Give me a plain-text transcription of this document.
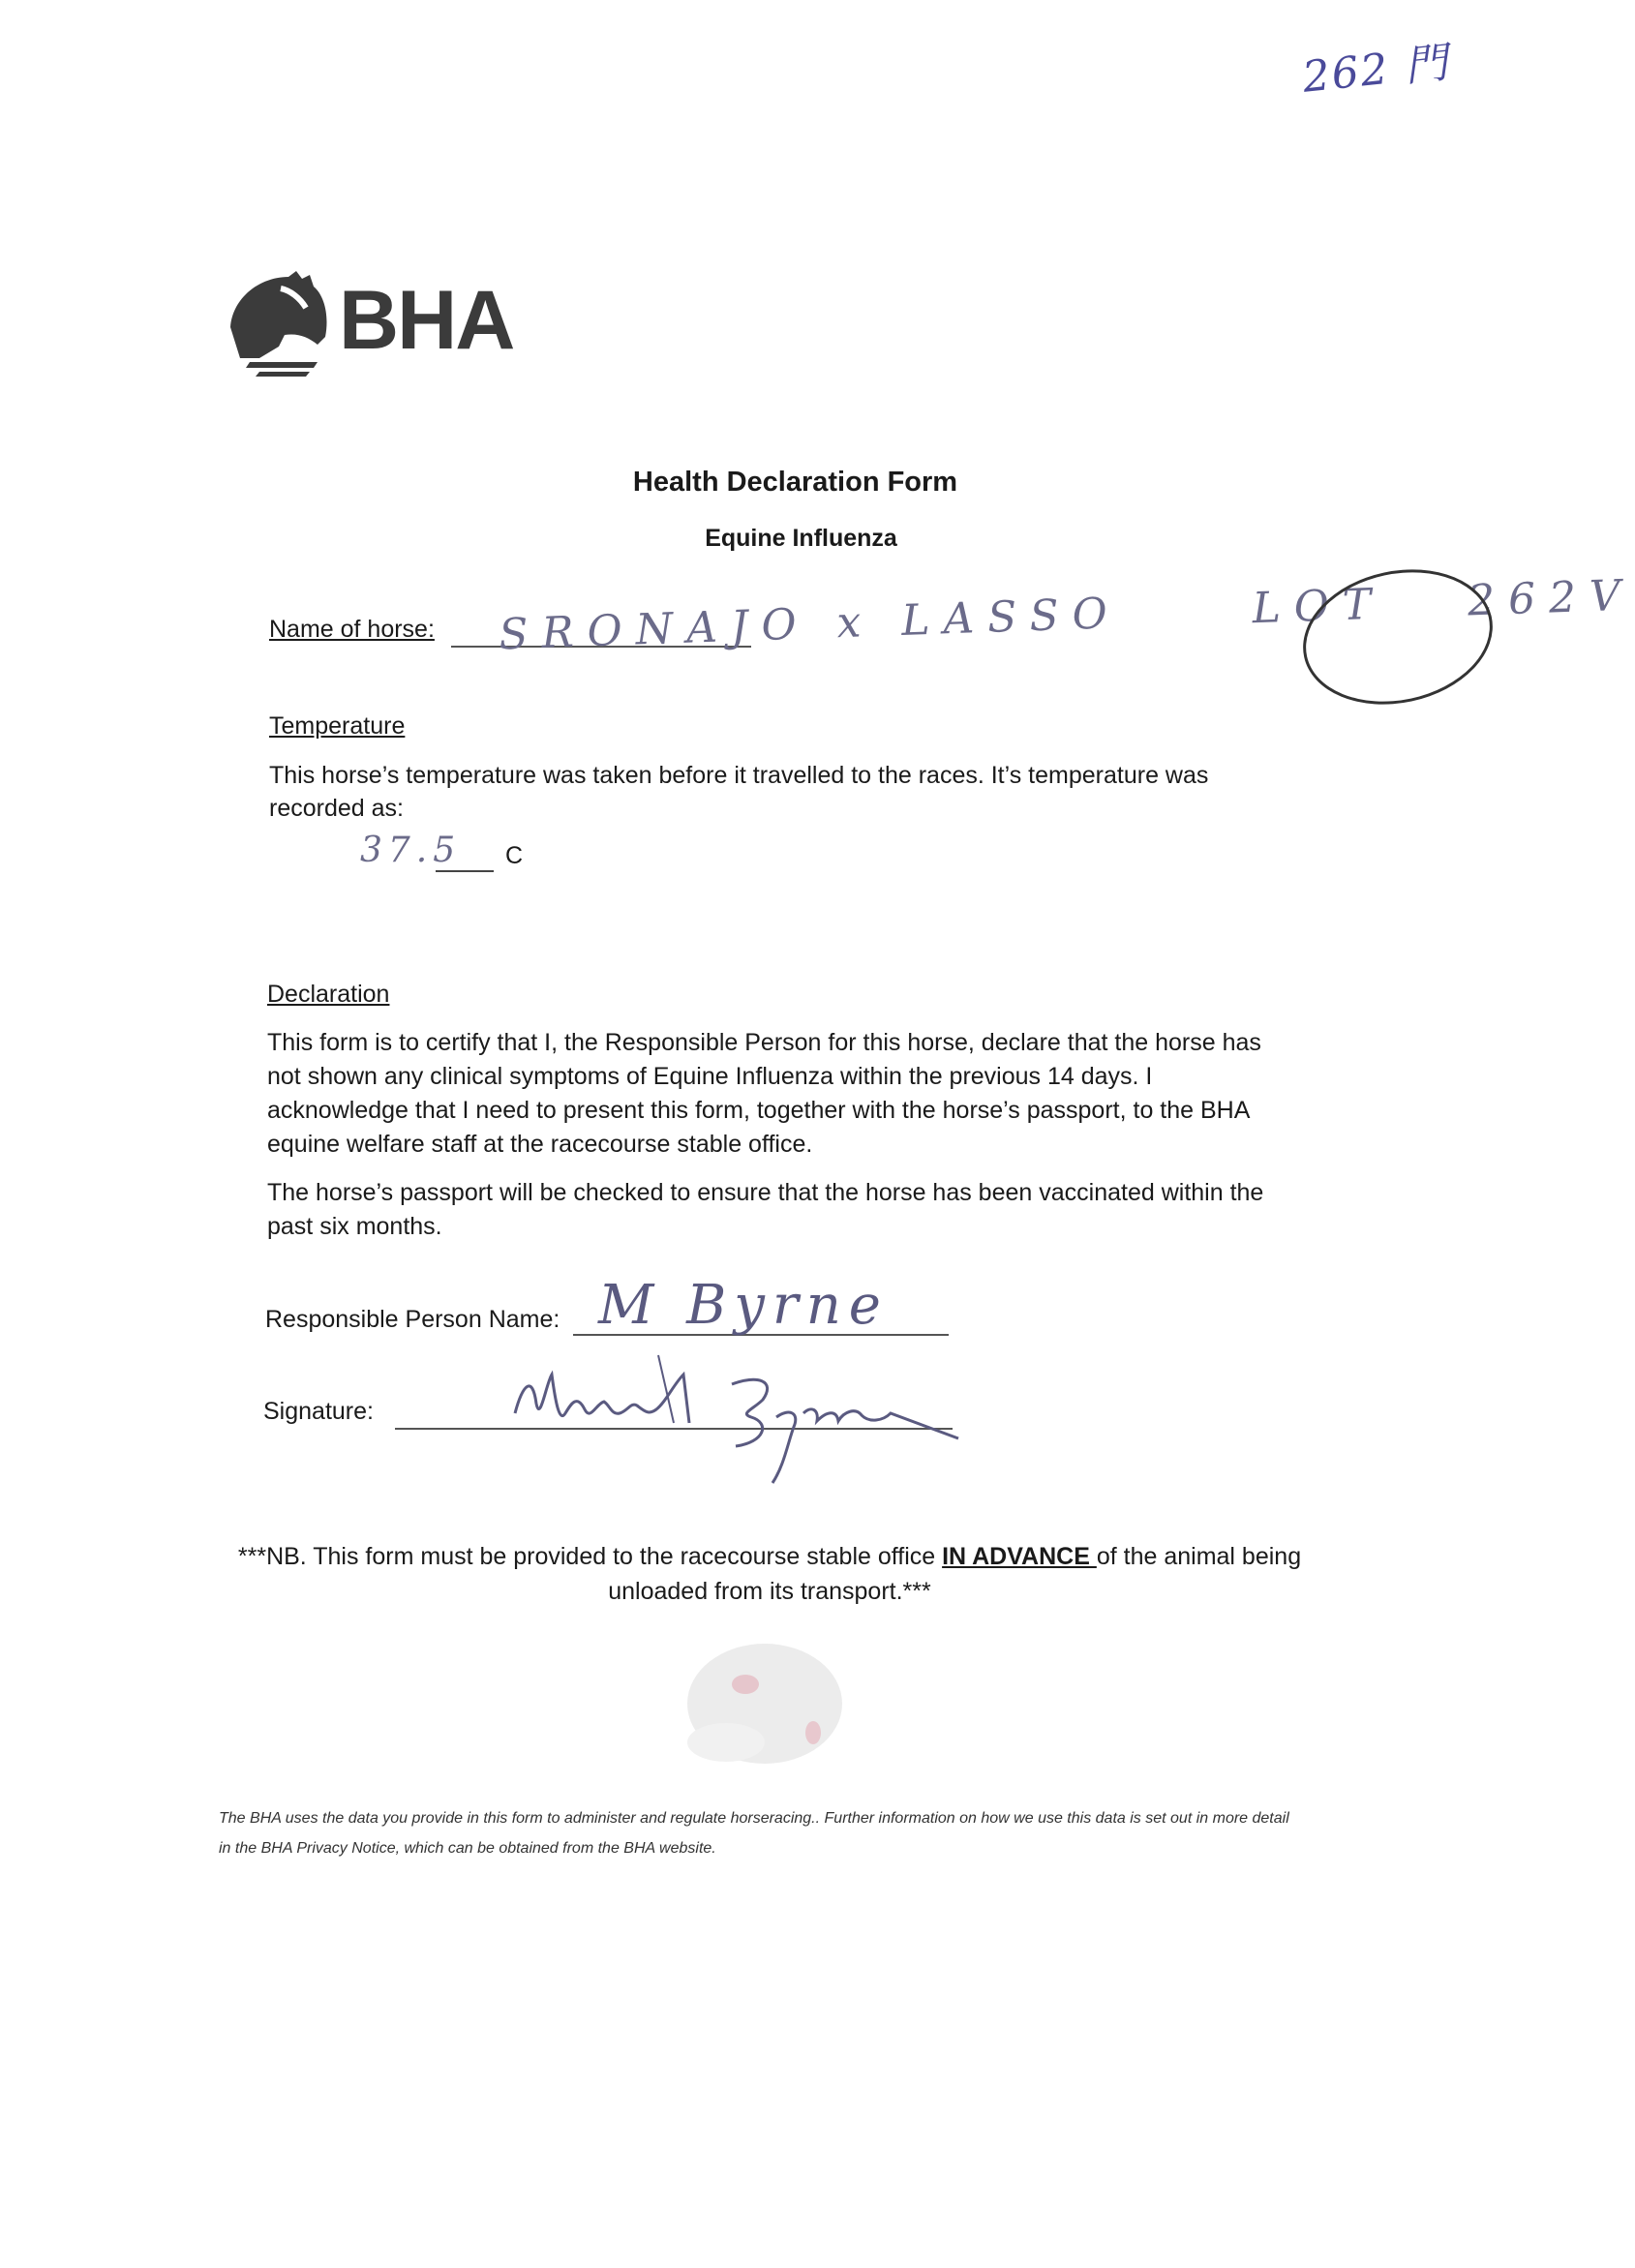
262 門
BHA
Health Declaration Form
Equine Influenza
Name of horse: SRONAJO x LASSO	LOT 262V
Temperature
This horse’s temperature was taken before it travelled to the races. It’s temperature was recorded as:
37.5 C
Declaration
This form is to certify that I, the Responsible Person for this horse, declare that the horse has not shown any clinical symptoms of Equine Influenza within the previous 14 days. I acknowledge that I need to present this form, together with the horse’s passport, to the BHA equine welfare staff at the racecourse stable office.
The horse’s passport will be checked to ensure that the horse has been vaccinated within the past six months.
Responsible Person Name: M Byrne
Signature:
***NB. This form must be provided to the racecourse stable office IN ADVANCE of the animal being unloaded from its transport.***
The BHA uses the data you provide in this form to administer and regulate horseracing.. Further information on how we use this data is set out in more detail in the BHA Privacy Notice, which can be obtained from the BHA website.
